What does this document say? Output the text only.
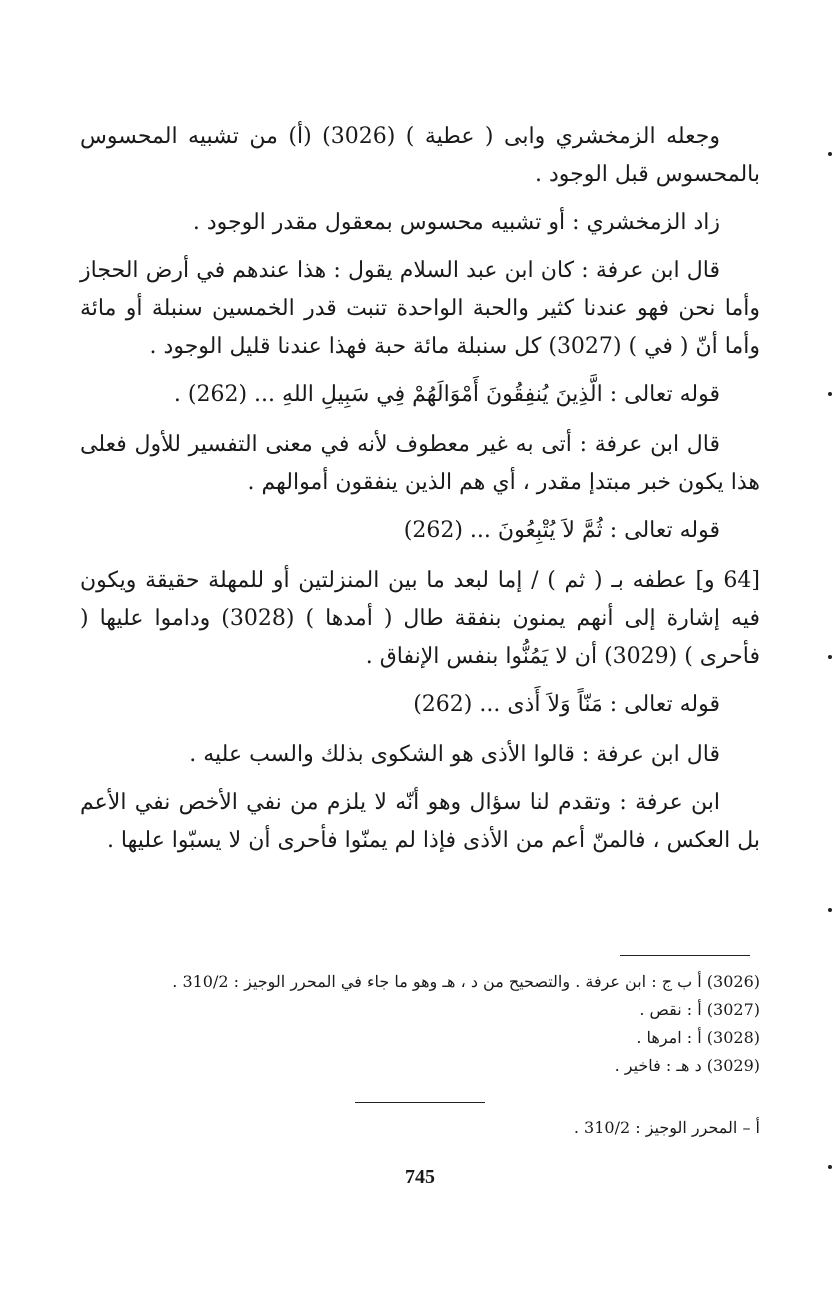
وجعله الزمخشري وابى ( عطية ) (3026) (أ) من تشبيه المحسوس بالمحسوس قبل الوجود .

زاد الزمخشري : أو تشبيه محسوس بمعقول مقدر الوجود .

قال ابن عرفة : كان ابن عبد السلام يقول : هذا عندهم في أرض الحجاز وأما نحن فهو عندنا كثير والحبة الواحدة تنبت قدر الخمسين سنبلة أو مائة وأما أنّ ( في ) (3027) كل سنبلة مائة حبة فهذا عندنا قليل الوجود .

قوله تعالى : الَّذِينَ يُنفِقُونَ أَمْوَالَهُمْ فِي سَبِيلِ اللهِ ... (262) .

قال ابن عرفة : أتى به غير معطوف لأنه في معنى التفسير للأول فعلى هذا يكون خبر مبتدإ مقدر ، أي هم الذين ينفقون أموالهم .

قوله تعالى : ثُمَّ لاَ يُتْبِعُونَ ... (262)

[64 و] عطفه بـ ( ثم ) / إما لبعد ما بين المنزلتين أو للمهلة حقيقة ويكون فيه إشارة إلى أنهم يمنون بنفقة طال ( أمدها ) (3028) وداموا عليها ( فأحرى ) (3029) أن لا يَمُنُّوا بنفس الإنفاق .

قوله تعالى : مَنّاً وَلاَ أَذى ... (262)

قال ابن عرفة : قالوا الأذى هو الشكوى بذلك والسب عليه .

ابن عرفة : وتقدم لنا سؤال وهو أنّه لا يلزم من نفي الأخص نفي الأعم بل العكس ، فالمنّ أعم من الأذى فإذا لم يمنّوا فأحرى أن لا يسبّوا عليها .

(3026) أ ب ج : ابن عرفة . والتصحيح من د ، هـ وهو ما جاء في المحرر الوجيز : 310/2 .

(3027) أ : نقص .

(3028) أ : امرها .

(3029) د هـ : فاخير .

أ – المحرر الوجيز : 310/2 .

745
